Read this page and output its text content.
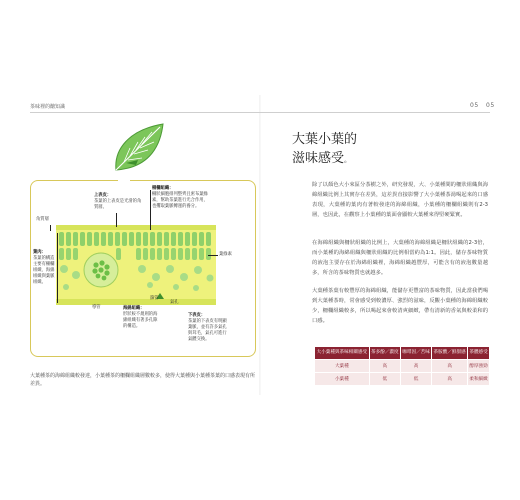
茶味裡的醣知識	05 05
上表皮：
茶葉的上表皮是光滑的角質層。
柵欄組織：
柵狀細胞排列整齊且密布葉綠素，幫助茶葉進行光合作用，也攫取葉脈轉運的養分。
角質層
葉肉：
茶葉的構造主要有柵欄組織、海綿組織與葉脈組織。
葉綠素
導管
篩管
海綿組織：
形狀較不規則的海綿組織有著多孔隙的構造。
氣孔
下表皮：
茶葉的下表皮有明顯葉脈，並有許多氣孔與茸毛，氣孔可進行氣體交換。
大葉種茶的海綿組織較發達，小葉種茶的柵欄組織層數較多，使得大葉種與小葉種茶葉的口感表現有所差異。
大葉小葉的
滋味感受。
除了以顏色大小來區分茶樹之外，研究發現，大、小葉種間的柵狀組織與海綿組織比例上其實存在差異，這差異直接影響了大小葉種茶湯喝起來的口感表現，大葉種的葉肉有著較發達的海綿組織，小葉種的柵欄組織則有2-3層，也因此，在觀察上小葉種的葉面會顯較大葉種來得堅硬緊實。
在海綿組織與柵狀組織的比例上，大葉種的海綿組織是柵狀組織的2-3倍，而小葉種的海綿組織與柵狀組織的比例相當約為1:1。因此，儲存茶味物質的液泡主要存在於海綿組織裡，海綿組織越豐厚，可能含有的液泡數量越多，所含的茶味物質也就越多。
大葉種茶葉有較豐厚的海綿組織，能儲存更豐富的茶味物質，因此當我們喝到大葉種茶時，常會感受到較濃厚、強烈的滋味，反觀小葉種的海綿組織較少，柵欄組織較多，所以喝起來會較清爽細緻，帶有清新的香氣與較柔和的口感。
大小葉種與茶味相關感受	茶多酚／濃度	咖啡因／苦味	茶胺酸／鮮甜感	茶體感受
大葉種	高	高	高	醇厚強勁
小葉種	低	低	高	柔和細緻
